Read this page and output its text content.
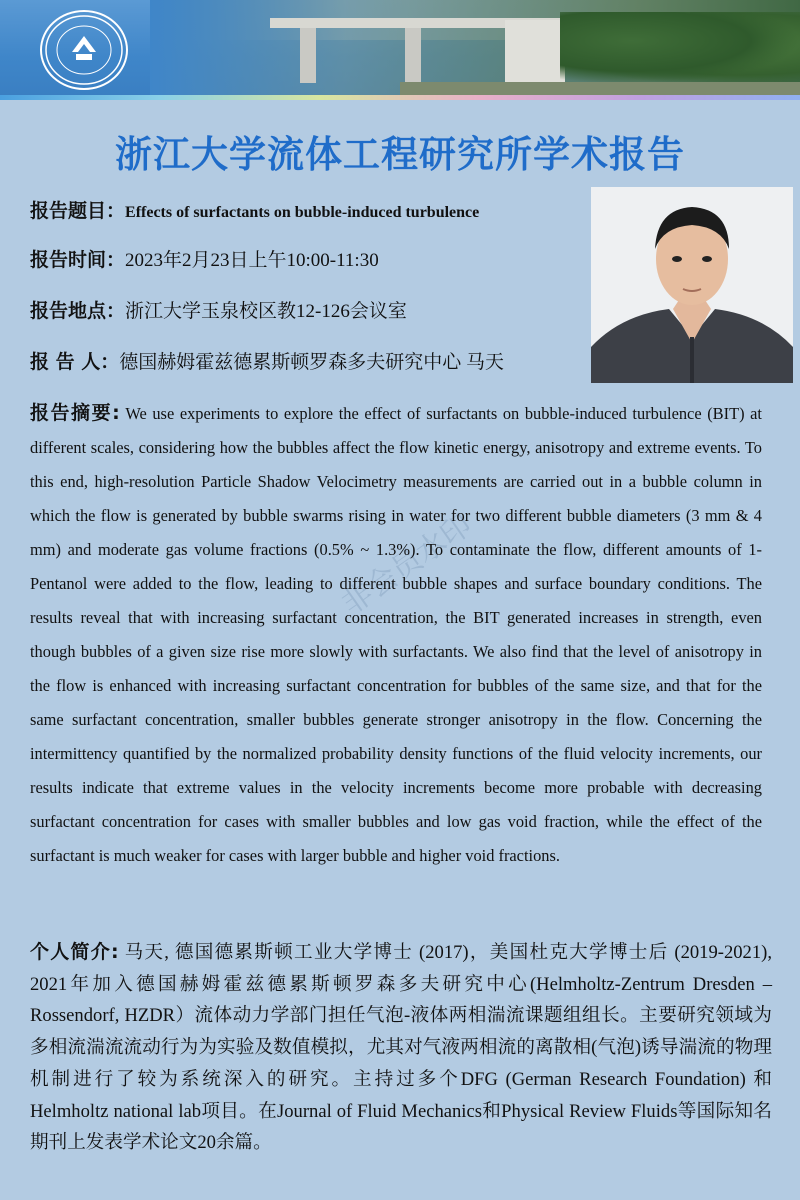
浙江大学流体工程研究所学术报告
报告题目：Effects of surfactants on bubble-induced turbulence
报告时间：2023年2月23日上午10:00-11:30
报告地点：浙江大学玉泉校区教12-126会议室
报 告 人：德国赫姆霍兹德累斯顿罗森多夫研究中心 马天
非会员水印
报告摘要: We use experiments to explore the effect of surfactants on bubble-induced turbulence (BIT) at different scales, considering how the bubbles affect the flow kinetic energy, anisotropy and extreme events. To this end, high-resolution Particle Shadow Velocimetry measurements are carried out in a bubble column in which the flow is generated by bubble swarms rising in water for two different bubble diameters (3 mm & 4 mm) and moderate gas volume fractions (0.5% ~ 1.3%). To contaminate the flow, different amounts of 1-Pentanol were added to the flow, leading to different bubble shapes and surface boundary conditions. The results reveal that with increasing surfactant concentration, the BIT generated increases in strength, even though bubbles of a given size rise more slowly with surfactants. We also find that the level of anisotropy in the flow is enhanced with increasing surfactant concentration for bubbles of the same size, and that for the same surfactant concentration, smaller bubbles generate stronger anisotropy in the flow. Concerning the intermittency quantified by the normalized probability density functions of the fluid velocity increments, our results indicate that extreme values in the velocity increments become more probable with decreasing surfactant concentration for cases with smaller bubbles and low gas void fraction, while the effect of the surfactant is much weaker for cases with larger bubble and higher void fractions.
个人简介: 马天, 德国德累斯顿工业大学博士 (2017)，美国杜克大学博士后 (2019-2021), 2021年加入德国赫姆霍兹德累斯顿罗森多夫研究中心(Helmholtz-Zentrum Dresden – Rossendorf, HZDR）流体动力学部门担任气泡-液体两相湍流课题组组长。主要研究领域为多相流湍流流动行为为实验及数值模拟，尤其对气液两相流的离散相(气泡)诱导湍流的物理机制进行了较为系统深入的研究。主持过多个DFG (German Research Foundation) 和Helmholtz national lab项目。在Journal of Fluid Mechanics和Physical Review Fluids等国际知名期刊上发表学术论文20余篇。
